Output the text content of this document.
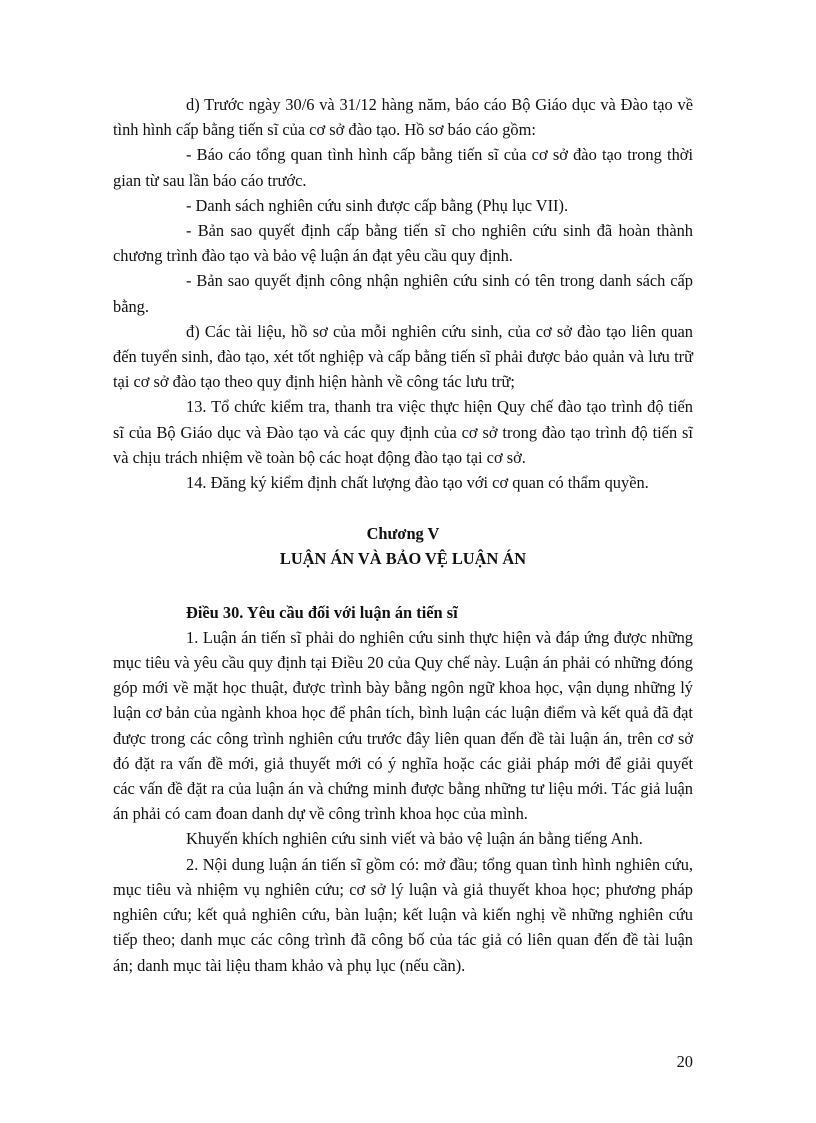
d) Trước ngày 30/6 và 31/12 hàng năm, báo cáo Bộ Giáo dục và Đào tạo về tình hình cấp bằng tiến sĩ của cơ sở đào tạo. Hồ sơ báo cáo gồm:

- Báo cáo tổng quan tình hình cấp bằng tiến sĩ của cơ sở đào tạo trong thời gian từ sau lần báo cáo trước.

- Danh sách nghiên cứu sinh được cấp bằng (Phụ lục VII).

- Bản sao quyết định cấp bằng tiến sĩ cho nghiên cứu sinh đã hoàn thành chương trình đào tạo và bảo vệ luận án đạt yêu cầu quy định.

- Bản sao quyết định công nhận nghiên cứu sinh có tên trong danh sách cấp bằng.

đ) Các tài liệu, hồ sơ của mỗi nghiên cứu sinh, của cơ sở đào tạo liên quan đến tuyển sinh, đào tạo, xét tốt nghiệp và cấp bằng tiến sĩ phải được bảo quản và lưu trữ tại cơ sở đào tạo theo quy định hiện hành về công tác lưu trữ;

13. Tổ chức kiểm tra, thanh tra việc thực hiện Quy chế đào tạo trình độ tiến sĩ của Bộ Giáo dục và Đào tạo và các quy định của cơ sở trong đào tạo trình độ tiến sĩ và chịu trách nhiệm về toàn bộ các hoạt động đào tạo tại cơ sở.

14. Đăng ký kiểm định chất lượng đào tạo với cơ quan có thẩm quyền.

Chương V

LUẬN ÁN VÀ BẢO VỆ LUẬN ÁN

Điều 30. Yêu cầu đối với luận án tiến sĩ

1. Luận án tiến sĩ phải do nghiên cứu sinh thực hiện và đáp ứng được những mục tiêu và yêu cầu quy định tại Điều 20 của Quy chế này. Luận án phải có những đóng góp mới về mặt học thuật, được trình bày bằng ngôn ngữ khoa học, vận dụng những lý luận cơ bản của ngành khoa học để phân tích, bình luận các luận điểm và kết quả đã đạt được trong các công trình nghiên cứu trước đây liên quan đến đề tài luận án, trên cơ sở đó đặt ra vấn đề mới, giả thuyết mới có ý nghĩa hoặc các giải pháp mới để giải quyết các vấn đề đặt ra của luận án và chứng minh được bằng những tư liệu mới. Tác giả luận án phải có cam đoan danh dự về công trình khoa học của mình.

Khuyến khích nghiên cứu sinh viết và bảo vệ luận án bằng tiếng Anh.

2. Nội dung luận án tiến sĩ gồm có: mở đầu; tổng quan tình hình nghiên cứu, mục tiêu và nhiệm vụ nghiên cứu; cơ sở lý luận và giả thuyết khoa học; phương pháp nghiên cứu; kết quả nghiên cứu, bàn luận; kết luận và kiến nghị về những nghiên cứu tiếp theo; danh mục các công trình đã công bố của tác giả có liên quan đến đề tài luận án; danh mục tài liệu tham khảo và phụ lục (nếu cần).

20
